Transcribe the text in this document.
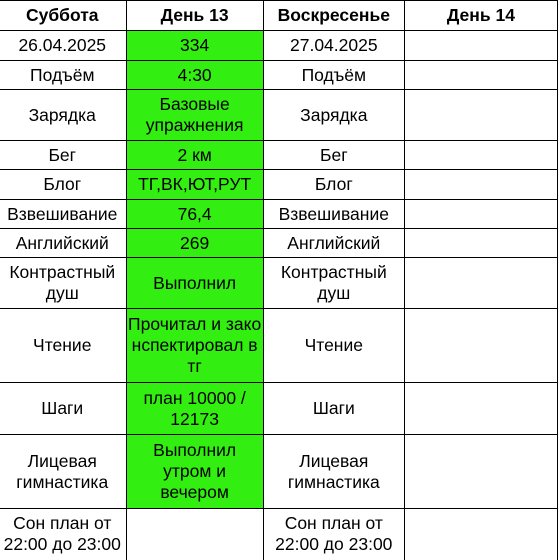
Суббота	День 13	Воскресенье	День 14
26.04.2025	334	27.04.2025	
Подъём	4:30	Подъём	
Зарядка	Базовые упражнения	Зарядка	
Бег	2 км	Бег	
Блог	ТГ,ВК,ЮТ,РУТ	Блог	
Взвешивание	76,4	Взвешивание	
Английский	269	Английский	
Контрастный душ	Выполнил	Контрастный душ	
Чтение	Прочитал и законспектировал в тг	Чтение	
Шаги	план 10000 / 12173	Шаги	
Лицевая гимнастика	Выполнил утром и вечером	Лицевая гимнастика	
Сон план от 22:00 до 23:00		Сон план от 22:00 до 23:00	
